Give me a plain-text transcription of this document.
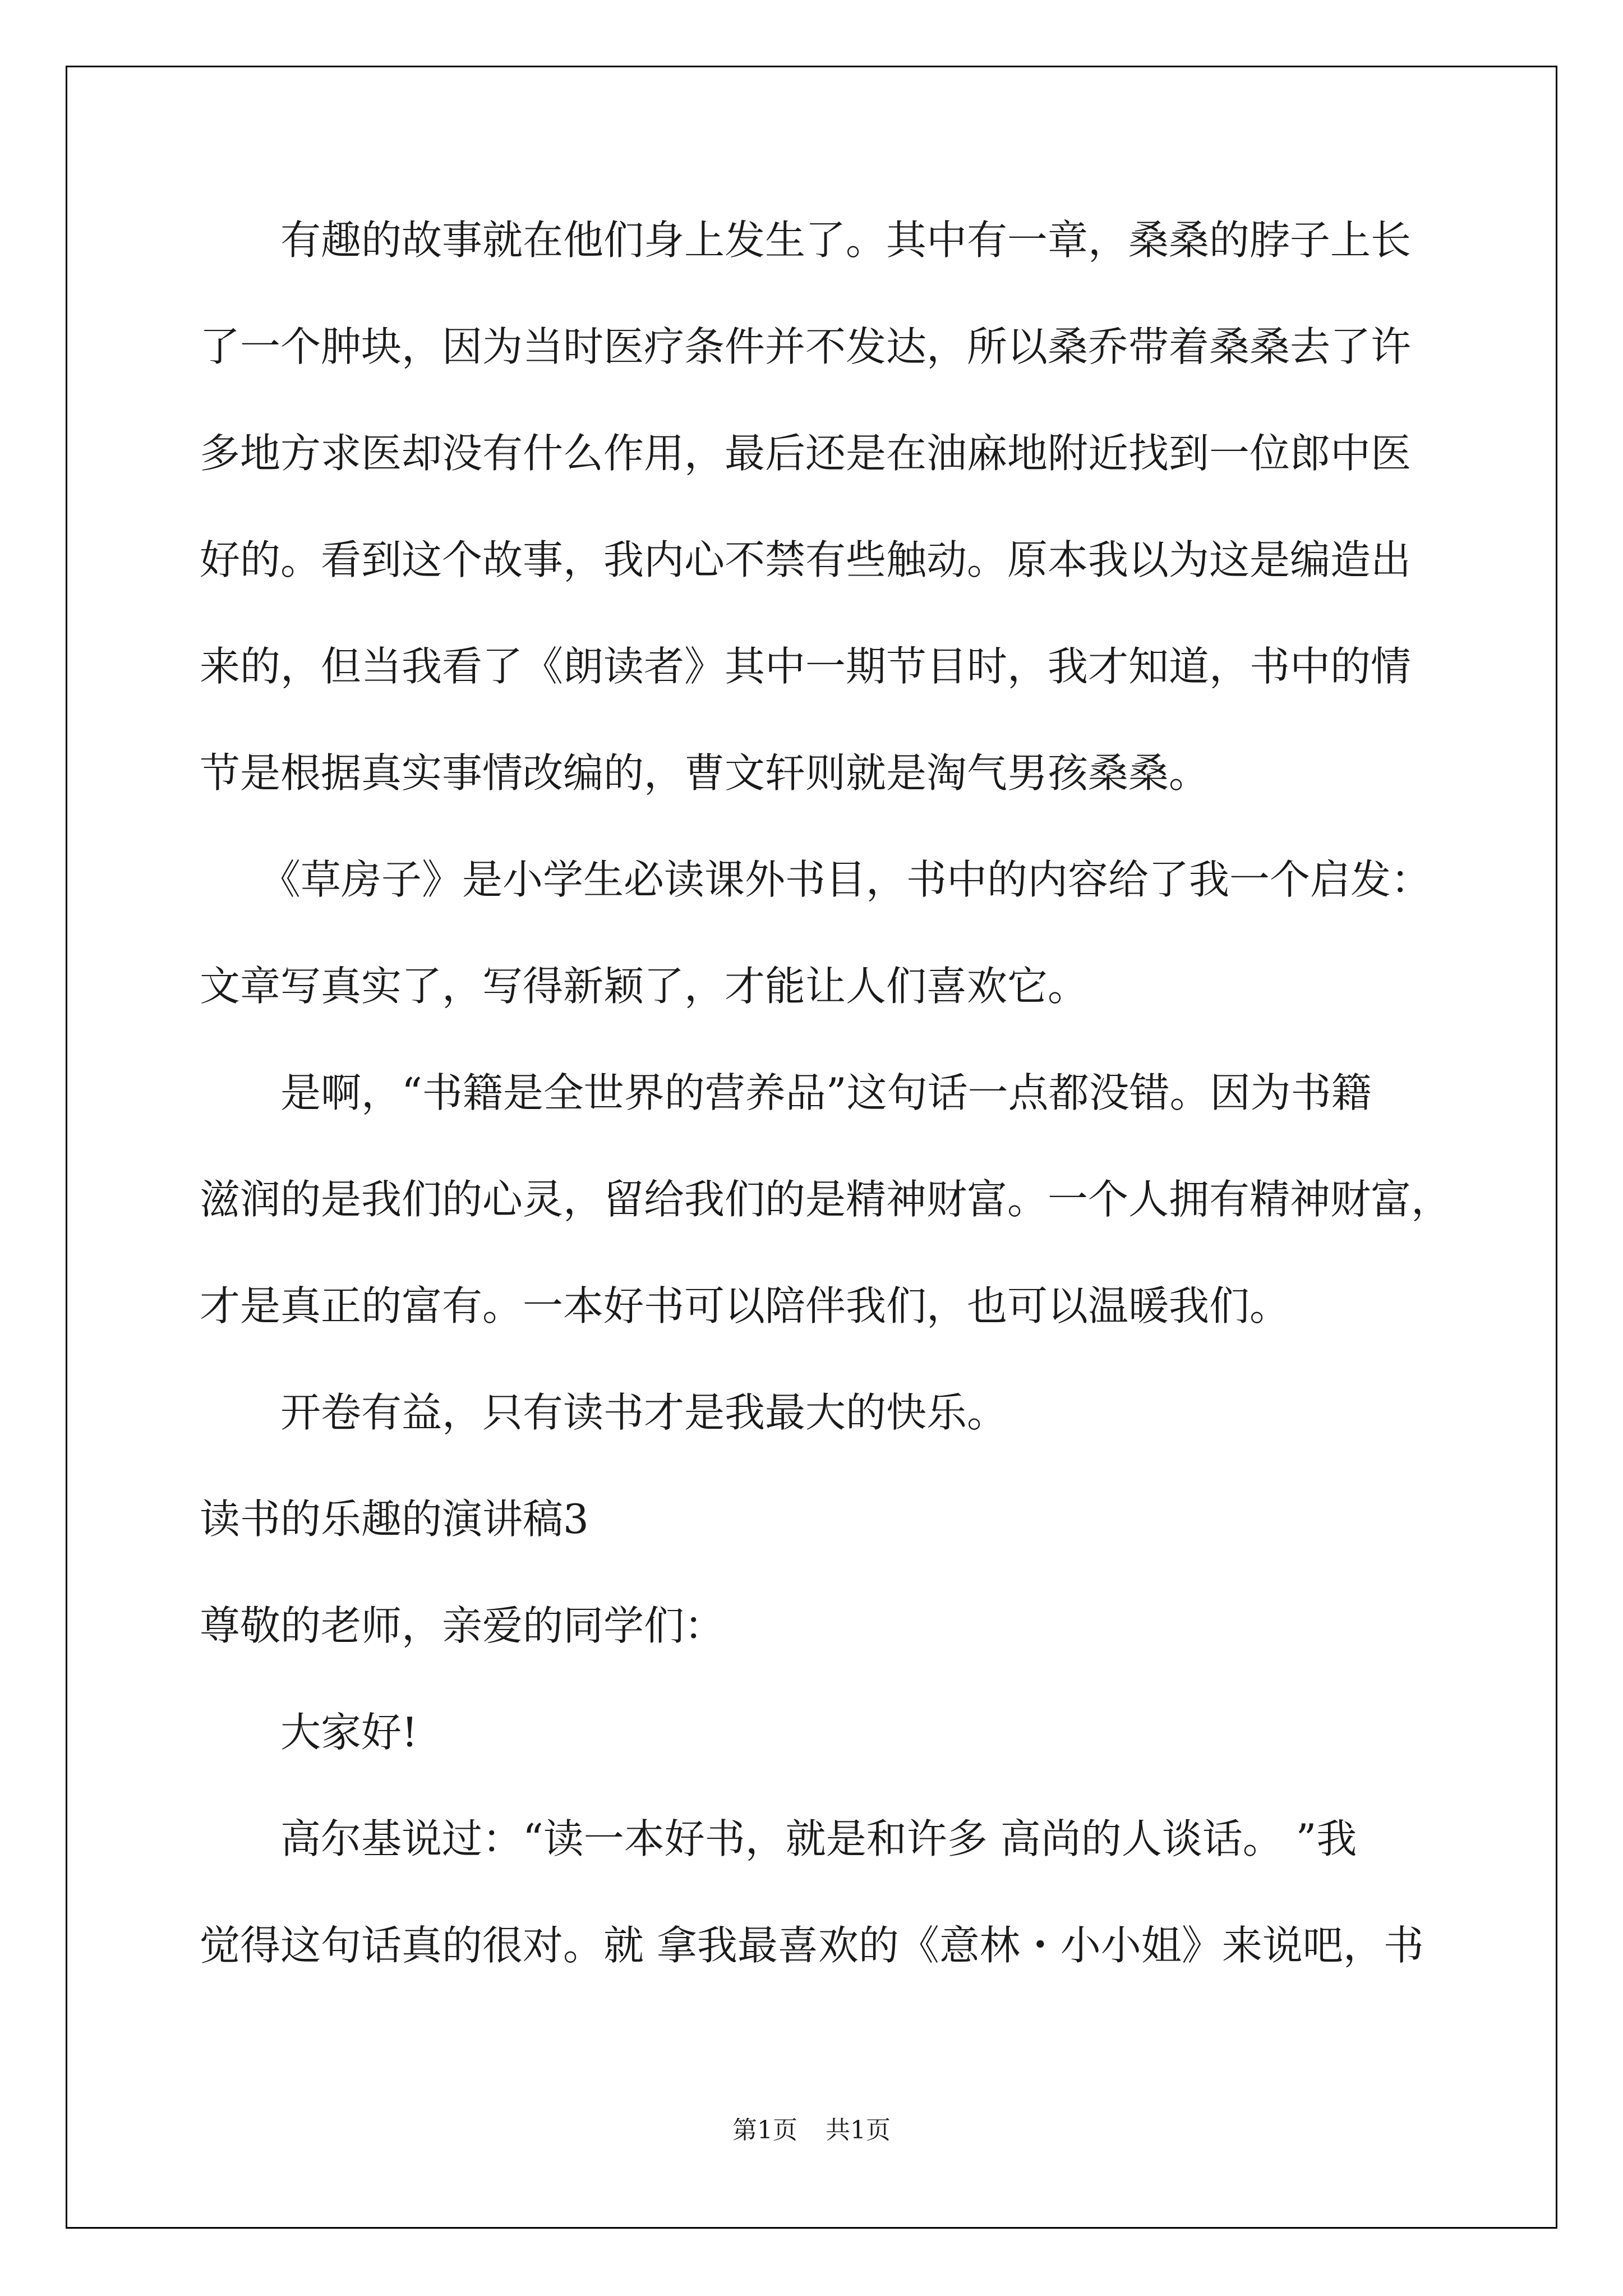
　　有趣的故事就在他们身上发生了。其中有一章，桑桑的脖子上长
了一个肿块，因为当时医疗条件并不发达，所以桑乔带着桑桑去了许
多地方求医却没有什么作用，最后还是在油麻地附近找到一位郎中医
好的。看到这个故事，我内心不禁有些触动。原本我以为这是编造出
来的，但当我看了《朗读者》其中一期节目时，我才知道，书中的情
节是根据真实事情改编的，曹文轩则就是淘气男孩桑桑。
　　《草房子》是小学生必读课外书目，书中的内容给了我一个启发：
文章写真实了，写得新颖了，才能让人们喜欢它。
　　是啊，“书籍是全世界的营养品”这句话一点都没错。因为书籍
滋润的是我们的心灵，留给我们的是精神财富。一个人拥有精神财富，
才是真正的富有。一本好书可以陪伴我们，也可以温暖我们。
　　开卷有益，只有读书才是我最大的快乐。
读书的乐趣的演讲稿3
尊敬的老师，亲爱的同学们：
　　大家好!
　　高尔基说过：“读一本好书，就是和许多 高尚的人谈话。 ”我
觉得这句话真的很对。就 拿我最喜欢的《意林・小小姐》来说吧，书
第1页 共1页
